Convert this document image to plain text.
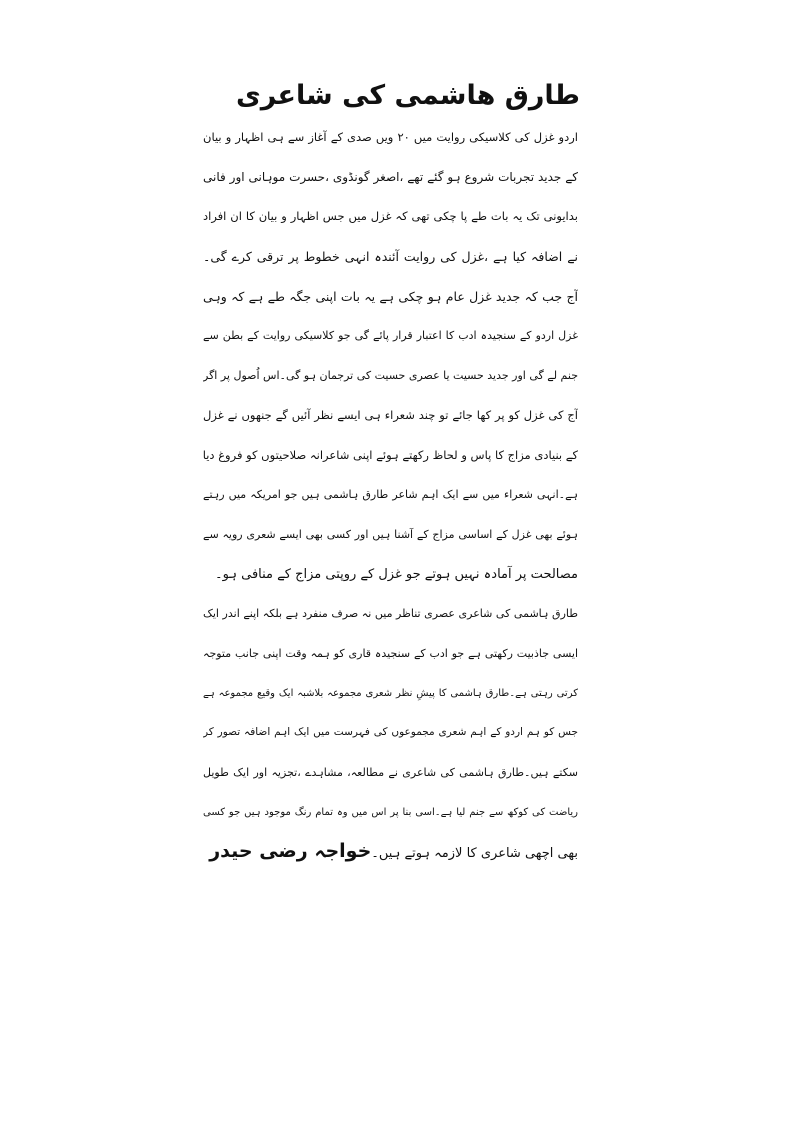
طارق ھاشمی کی شاعری
اردو غزل کی کلاسیکی روایت میں ۲۰ ویں صدی کے آغاز سے ہی اظہار و بیان
کے جدید تجربات شروع ہو گئے تھے ،اصغر گونڈوی ،حسرت موہانی اور فانی
بدایونی تک یہ بات طے پا چکی تھی کہ غزل میں جس اظہار و بیان کا ان افراد
نے اضافہ کیا ہے ،غزل کی روایت آئندہ انہی خطوط پر ترقی کرے گی۔
آج جب کہ جدید غزل عام ہو چکی ہے یہ بات اپنی جگہ طے ہے کہ وہی
غزل اردو کے سنجیدہ ادب کا اعتبار قرار پائے گی جو کلاسیکی روایت کے بطن سے
جنم لے گی اور جدید حسیت یا عصری حسیت کی ترجمان ہو گی۔اس اُصول پر اگر
آج کی غزل کو پر کھا جائے تو چند شعراء ہی ایسے نظر آئیں گے جنھوں نے غزل
کے بنیادی مزاج کا پاس و لحاظ رکھتے ہوئے اپنی شاعرانہ صلاحیتوں کو فروغ دیا
ہے۔انہی شعراء میں سے ایک اہم شاعر طارق ہاشمی ہیں جو امریکہ میں رہتے
ہوئے بھی غزل کے اساسی مزاج کے آشنا ہیں اور کسی بھی ایسے شعری رویہ سے
مصالحت پر آمادہ نہیں ہوتے جو غزل کے روپتی مزاج کے منافی ہو۔
طارق ہاشمی کی شاعری عصری تناظر میں نہ صرف منفرد ہے بلکہ اپنے اندر ایک
ایسی جاذبیت رکھتی ہے جو ادب کے سنجیدہ قاری کو ہمہ وقت اپنی جانب متوجہ
کرتی رہتی ہے۔طارق ہاشمی کا پیشِ نظر شعری مجموعہ بلاشبہ ایک وقیع مجموعہ ہے
جس کو ہم اردو کے اہم شعری مجموعوں کی فہرست میں ایک اہم اضافہ تصور کر
سکتے ہیں۔طارق ہاشمی کی شاعری نے مطالعہ، مشاہدے ،تجزیہ اور ایک طویل
ریاضت کی کوکھ سے جنم لیا ہے۔اسی بنا پر اس میں وہ تمام رنگ موجود ہیں جو کسی
بھی اچھی شاعری کا لازمہ ہوتے ہیں۔خواجہ رضی حیدر
